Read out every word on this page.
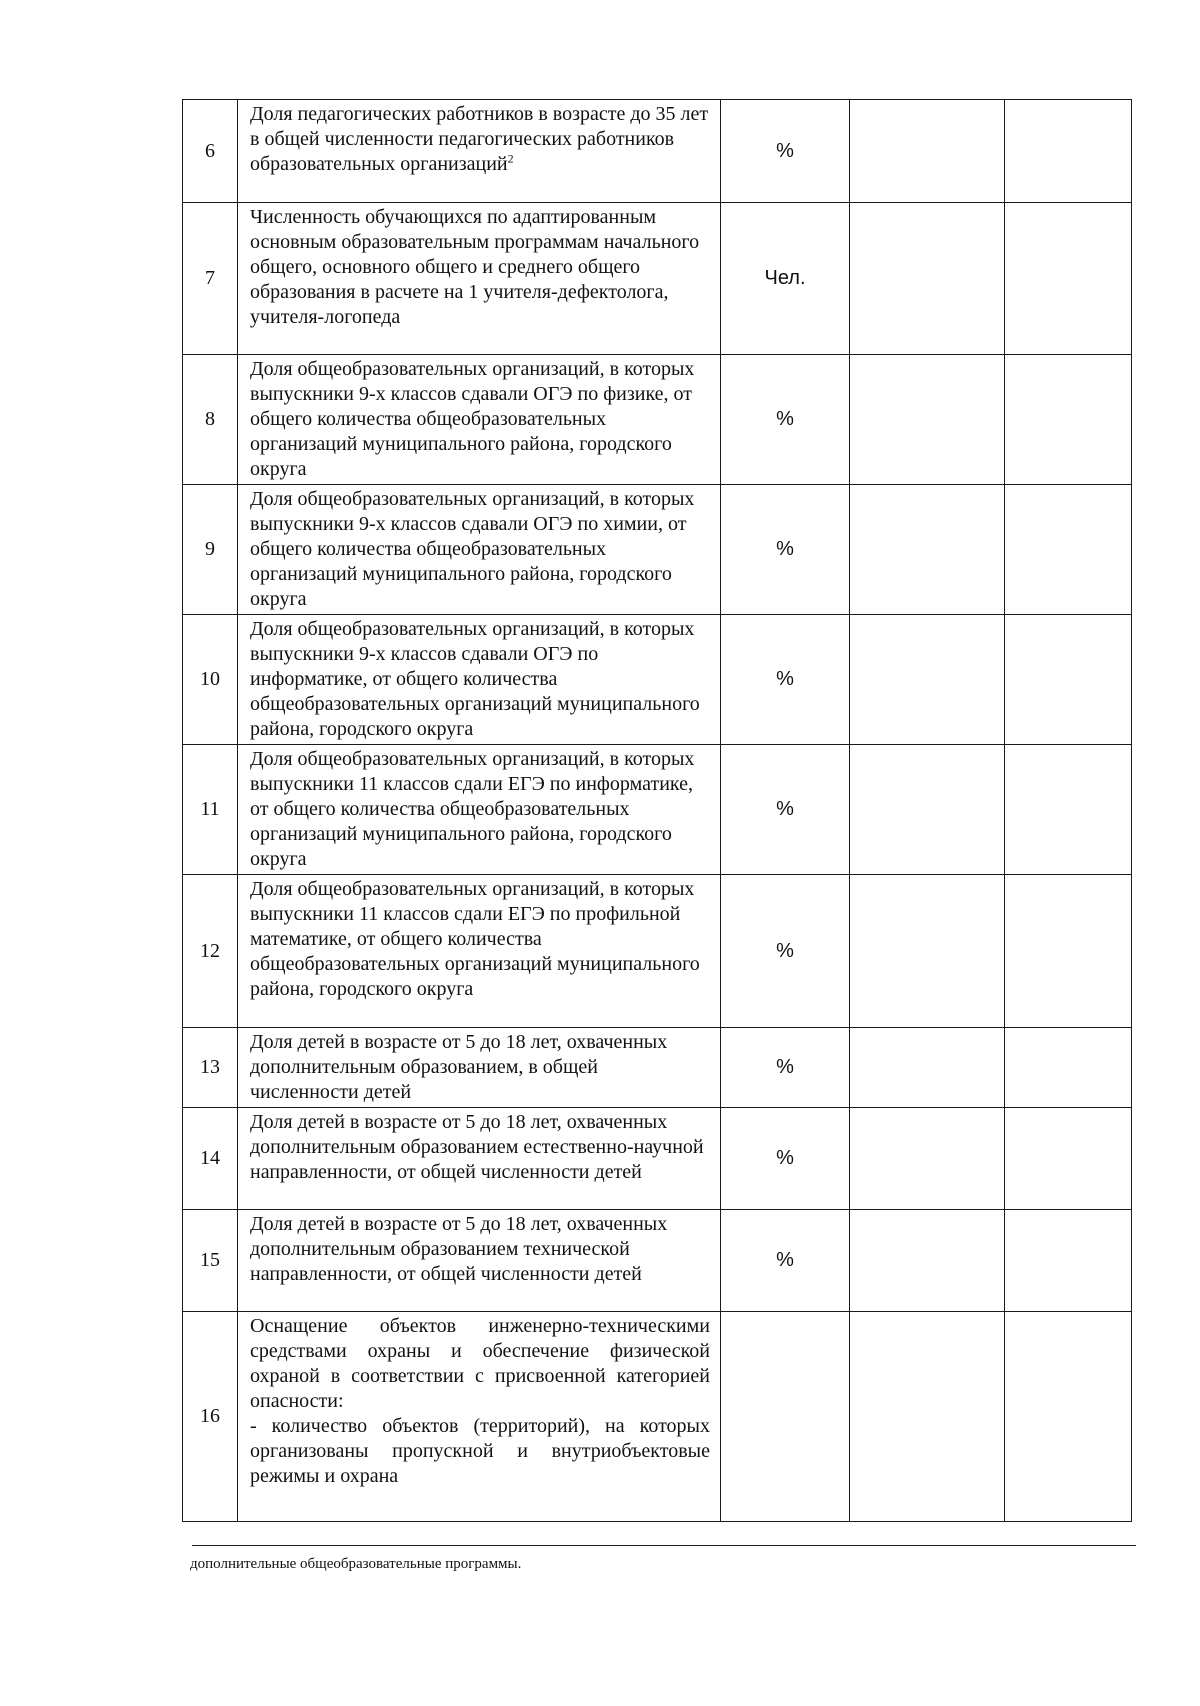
6	Доля педагогических работников в возрасте до 35 лет в общей численности педагогических работников образовательных организаций$^2$	%		
7	Численность обучающихся по адаптированным основным образовательным программам начального общего, основного общего и среднего общего образования в расчете на 1 учителя-дефектолога, учителя-логопеда	Чел.		
8	Доля общеобразовательных организаций, в которых выпускники 9-х классов сдавали ОГЭ по физике, от общего количества общеобразовательных организаций муниципального района, городского округа	%		
9	Доля общеобразовательных организаций, в которых выпускники 9-х классов сдавали ОГЭ по химии, от общего количества общеобразовательных организаций муниципального района, городского округа	%		
10	Доля общеобразовательных организаций, в которых выпускники 9-х классов сдавали ОГЭ по информатике, от общего количества общеобразовательных организаций муниципального района, городского округа	%		
11	Доля общеобразовательных организаций, в которых выпускники 11 классов сдали ЕГЭ по информатике, от общего количества общеобразовательных организаций муниципального района, городского округа	%		
12	Доля общеобразовательных организаций, в которых выпускники 11 классов сдали ЕГЭ по профильной математике, от общего количества общеобразовательных организаций муниципального района, городского округа	%		
13	Доля детей в возрасте от 5 до 18 лет, охваченных дополнительным образованием, в общей численности детей	%		
14	Доля детей в возрасте от 5 до 18 лет, охваченных дополнительным образованием естественно-научной направленности, от общей численности детей	%		
15	Доля детей в возрасте от 5 до 18 лет, охваченных дополнительным образованием технической направленности, от общей численности детей	%		
16	Оснащение объектов инженерно-техническими средствами охраны и обеспечение физической охраной в соответствии с присвоенной категорией опасности:
- количество объектов (территорий), на которых организованы пропускной и внутриобъектовые режимы и охрана			

дополнительные общеобразовательные программы.
